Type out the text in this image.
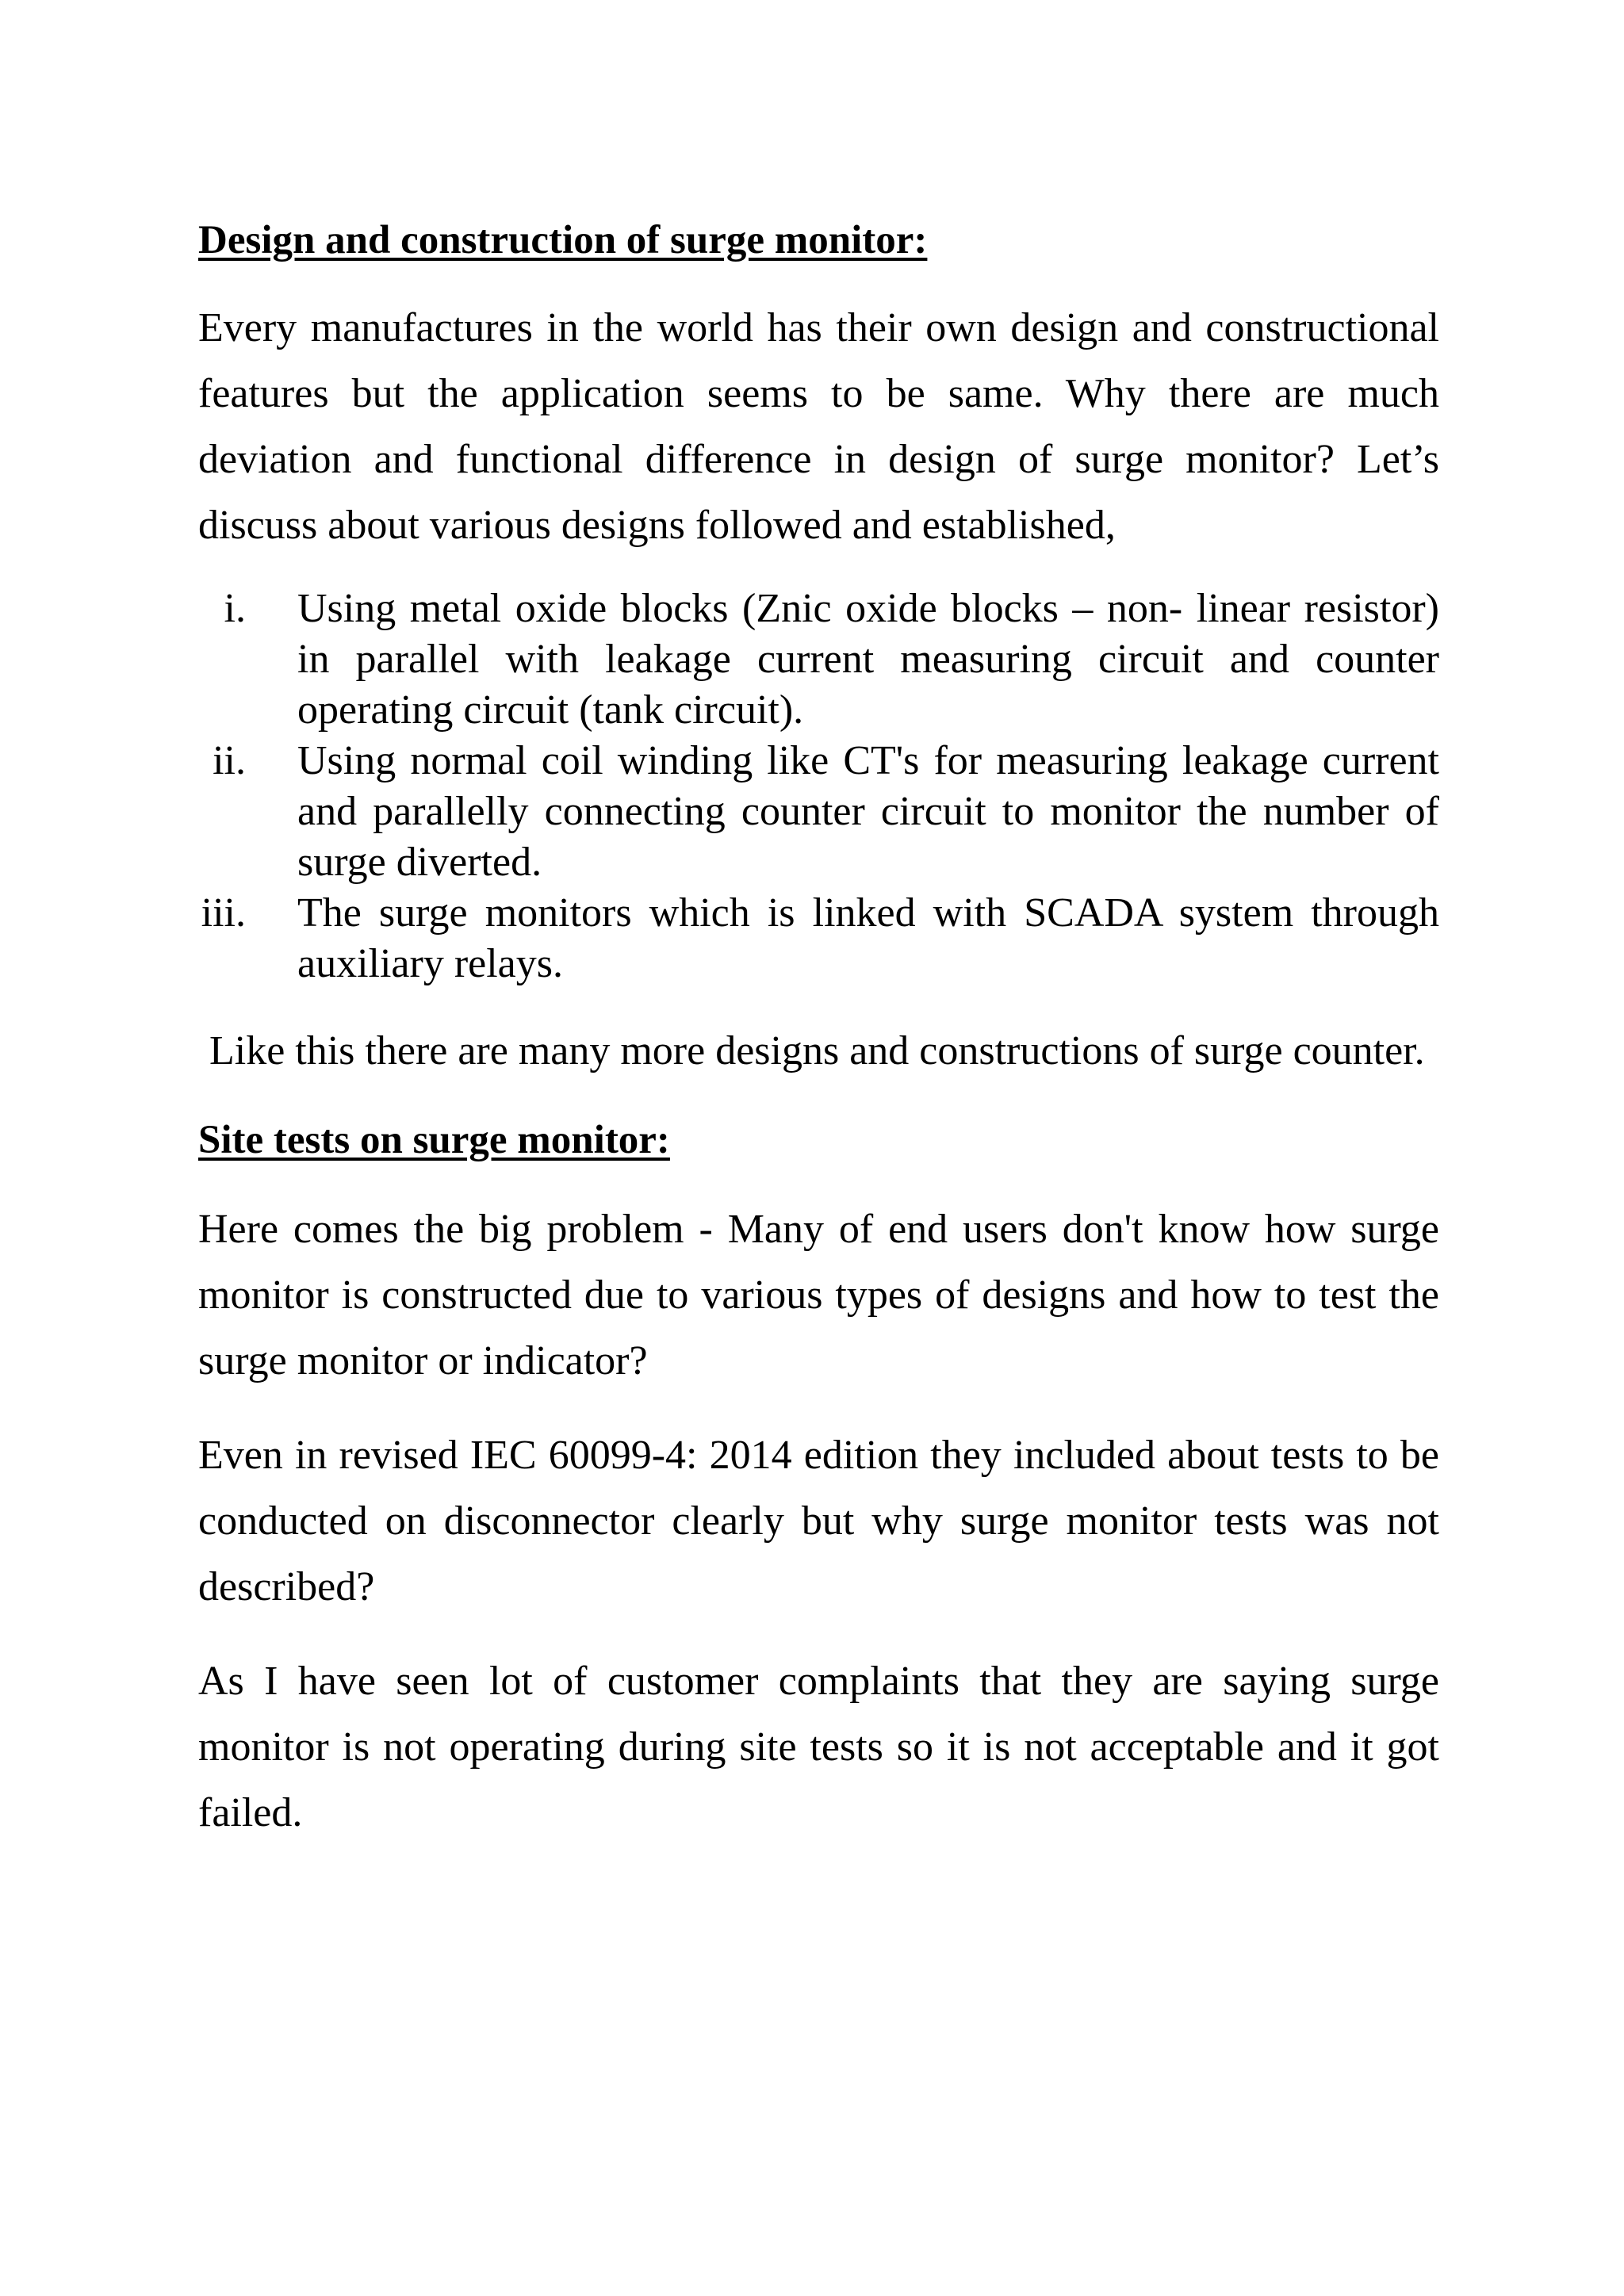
Design and construction of surge monitor:

Every manufactures in the world has their own design and constructional features but the application seems to be same. Why there are much deviation and functional difference in design of surge monitor? Let’s discuss about various designs followed and established,

i. Using metal oxide blocks (Znic oxide blocks – non- linear resistor) in parallel with leakage current measuring circuit and counter operating circuit (tank circuit).
ii. Using normal coil winding like CT's for measuring leakage current and parallelly connecting counter circuit to monitor the number of surge diverted.
iii. The surge monitors which is linked with SCADA system through auxiliary relays.

Like this there are many more designs and constructions of surge counter.

Site tests on surge monitor:

Here comes the big problem - Many of end users don't know how surge monitor is constructed due to various types of designs and how to test the surge monitor or indicator?

Even in revised IEC 60099-4: 2014 edition they included about tests to be conducted on disconnector clearly but why surge monitor tests was not described?

As I have seen lot of customer complaints that they are saying surge monitor is not operating during site tests so it is not acceptable and it got failed.
